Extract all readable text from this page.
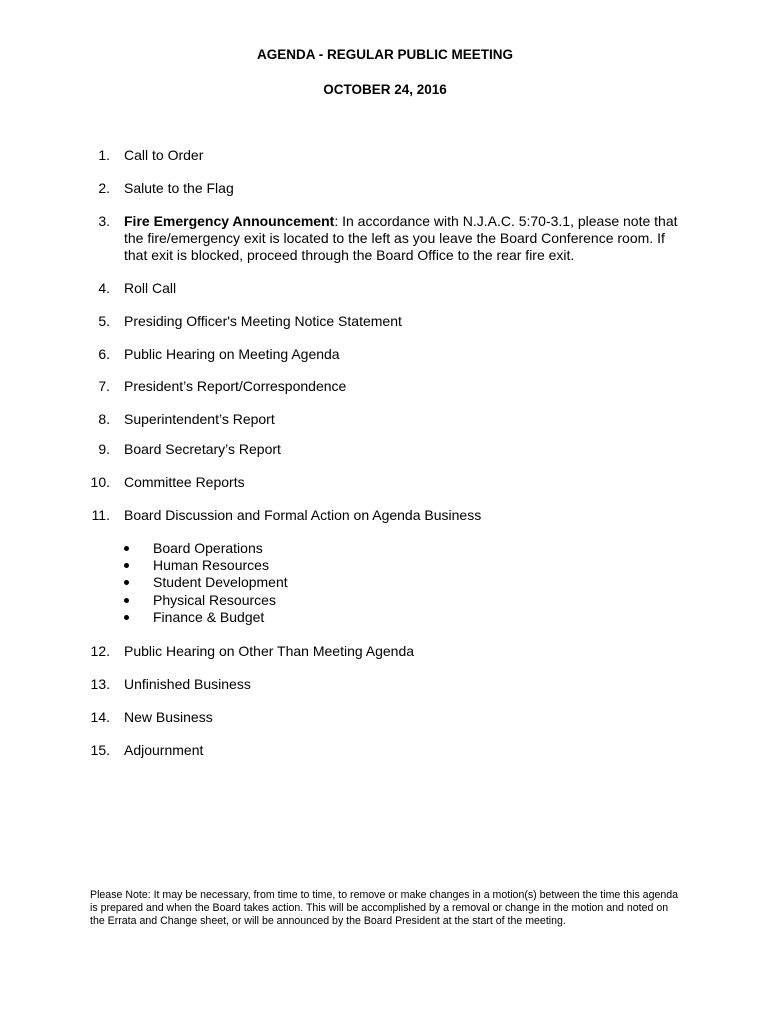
AGENDA - REGULAR PUBLIC MEETING
OCTOBER 24, 2016
1. Call to Order
2. Salute to the Flag
3. Fire Emergency Announcement: In accordance with N.J.A.C. 5:70-3.1, please note that the fire/emergency exit is located to the left as you leave the Board Conference room. If that exit is blocked, proceed through the Board Office to the rear fire exit.
4. Roll Call
5. Presiding Officer's Meeting Notice Statement
6. Public Hearing on Meeting Agenda
7. President’s Report/Correspondence
8. Superintendent’s Report
9. Board Secretary’s Report
10. Committee Reports
11. Board Discussion and Formal Action on Agenda Business
Board Operations
Human Resources
Student Development
Physical Resources
Finance & Budget
12. Public Hearing on Other Than Meeting Agenda
13. Unfinished Business
14. New Business
15. Adjournment
Please Note: It may be necessary, from time to time, to remove or make changes in a motion(s) between the time this agenda is prepared and when the Board takes action. This will be accomplished by a removal or change in the motion and noted on the Errata and Change sheet, or will be announced by the Board President at the start of the meeting.
